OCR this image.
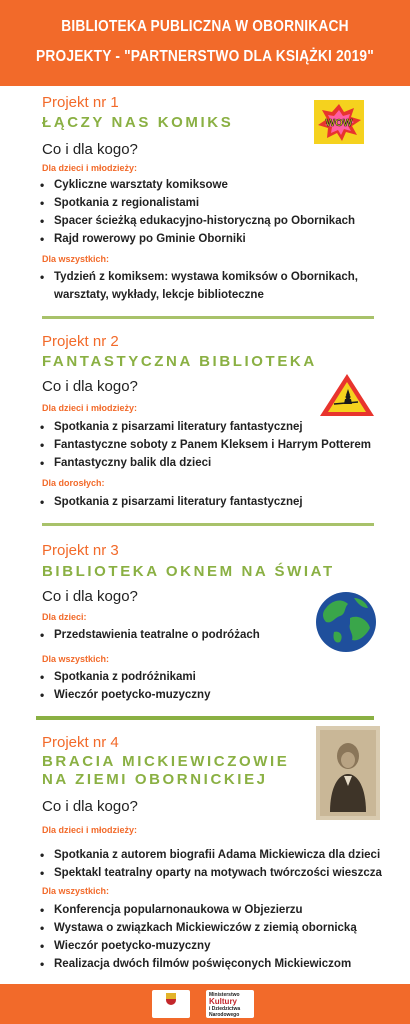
BIBLIOTEKA PUBLICZNA W OBORNIKACH
PROJEKTY - "PARTNERSTWO DLA KSIĄŻKI 2019"
Projekt nr 1
ŁĄCZY NAS KOMIKS
Co i dla kogo?
WOW
Dla dzieci i młodzieży:
• Cykliczne warsztaty komiksowe
• Spotkania z regionalistami
• Spacer ścieżką edukacyjno-historyczną po Obornikach
• Rajd rowerowy po Gminie Oborniki
Dla wszystkich:
• Tydzień z komiksem: wystawa komiksów o Obornikach, warsztaty, wykłady, lekcje biblioteczne
Projekt nr 2
FANTASTYCZNA BIBLIOTEKA
Co i dla kogo?
Dla dzieci i młodzieży:
• Spotkania z pisarzami literatury fantastycznej
• Fantastyczne soboty z Panem Kleksem i Harrym Potterem
• Fantastyczny balik dla dzieci
Dla dorosłych:
• Spotkania z pisarzami literatury fantastycznej
Projekt nr 3
BIBLIOTEKA OKNEM NA ŚWIAT
Co i dla kogo?
Dla dzieci:
• Przedstawienia teatralne o podróżach
Dla wszystkich:
• Spotkania z podróżnikami
• Wieczór poetycko-muzyczny
Projekt nr 4
BRACIA MICKIEWICZOWIE
NA ZIEMI OBORNICKIEJ
Co i dla kogo?
Dla dzieci i młodzieży:
• Spotkania z autorem biografii Adama Mickiewicza dla dzieci
• Spektakl teatralny oparty na motywach twórczości wieszcza
Dla wszystkich:
• Konferencja popularnonaukowa w Objezierzu
• Wystawa o związkach Mickiewiczów z ziemią obornicką
• Wieczór poetycko-muzyczny
• Realizacja dwóch filmów poświęconych Mickiewiczom
Ministerstwo
Kultury
i Dziedzictwa
Narodowego
